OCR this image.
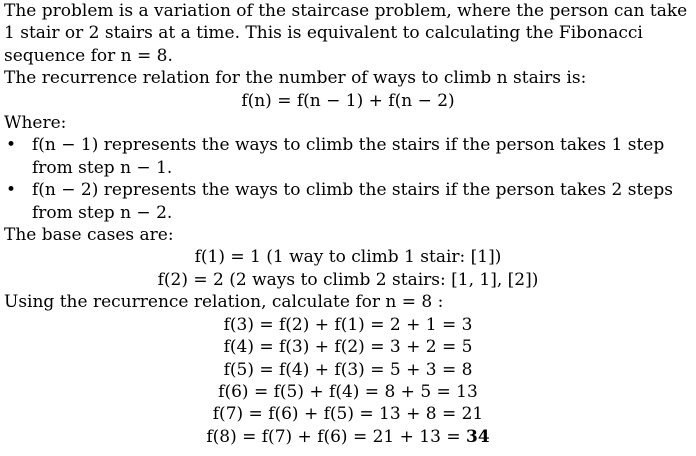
The problem is a variation of the staircase problem, where the person can take 1 stair or 2 stairs at a time. This is equivalent to calculating the Fibonacci sequence for n = 8.

The recurrence relation for the number of ways to climb n stairs is:

f(n) = f(n − 1) + f(n − 2)

Where:

• f(n − 1) represents the ways to climb the stairs if the person takes 1 step from step n − 1.
• f(n − 2) represents the ways to climb the stairs if the person takes 2 steps from step n − 2.

The base cases are:

f(1) = 1 (1 way to climb 1 stair: [1])

f(2) = 2 (2 ways to climb 2 stairs: [1, 1], [2])

Using the recurrence relation, calculate for n = 8 :

f(3) = f(2) + f(1) = 2 + 1 = 3

f(4) = f(3) + f(2) = 3 + 2 = 5

f(5) = f(4) + f(3) = 5 + 3 = 8

f(6) = f(5) + f(4) = 8 + 5 = 13

f(7) = f(6) + f(5) = 13 + 8 = 21

f(8) = f(7) + f(6) = 21 + 13 = 34
